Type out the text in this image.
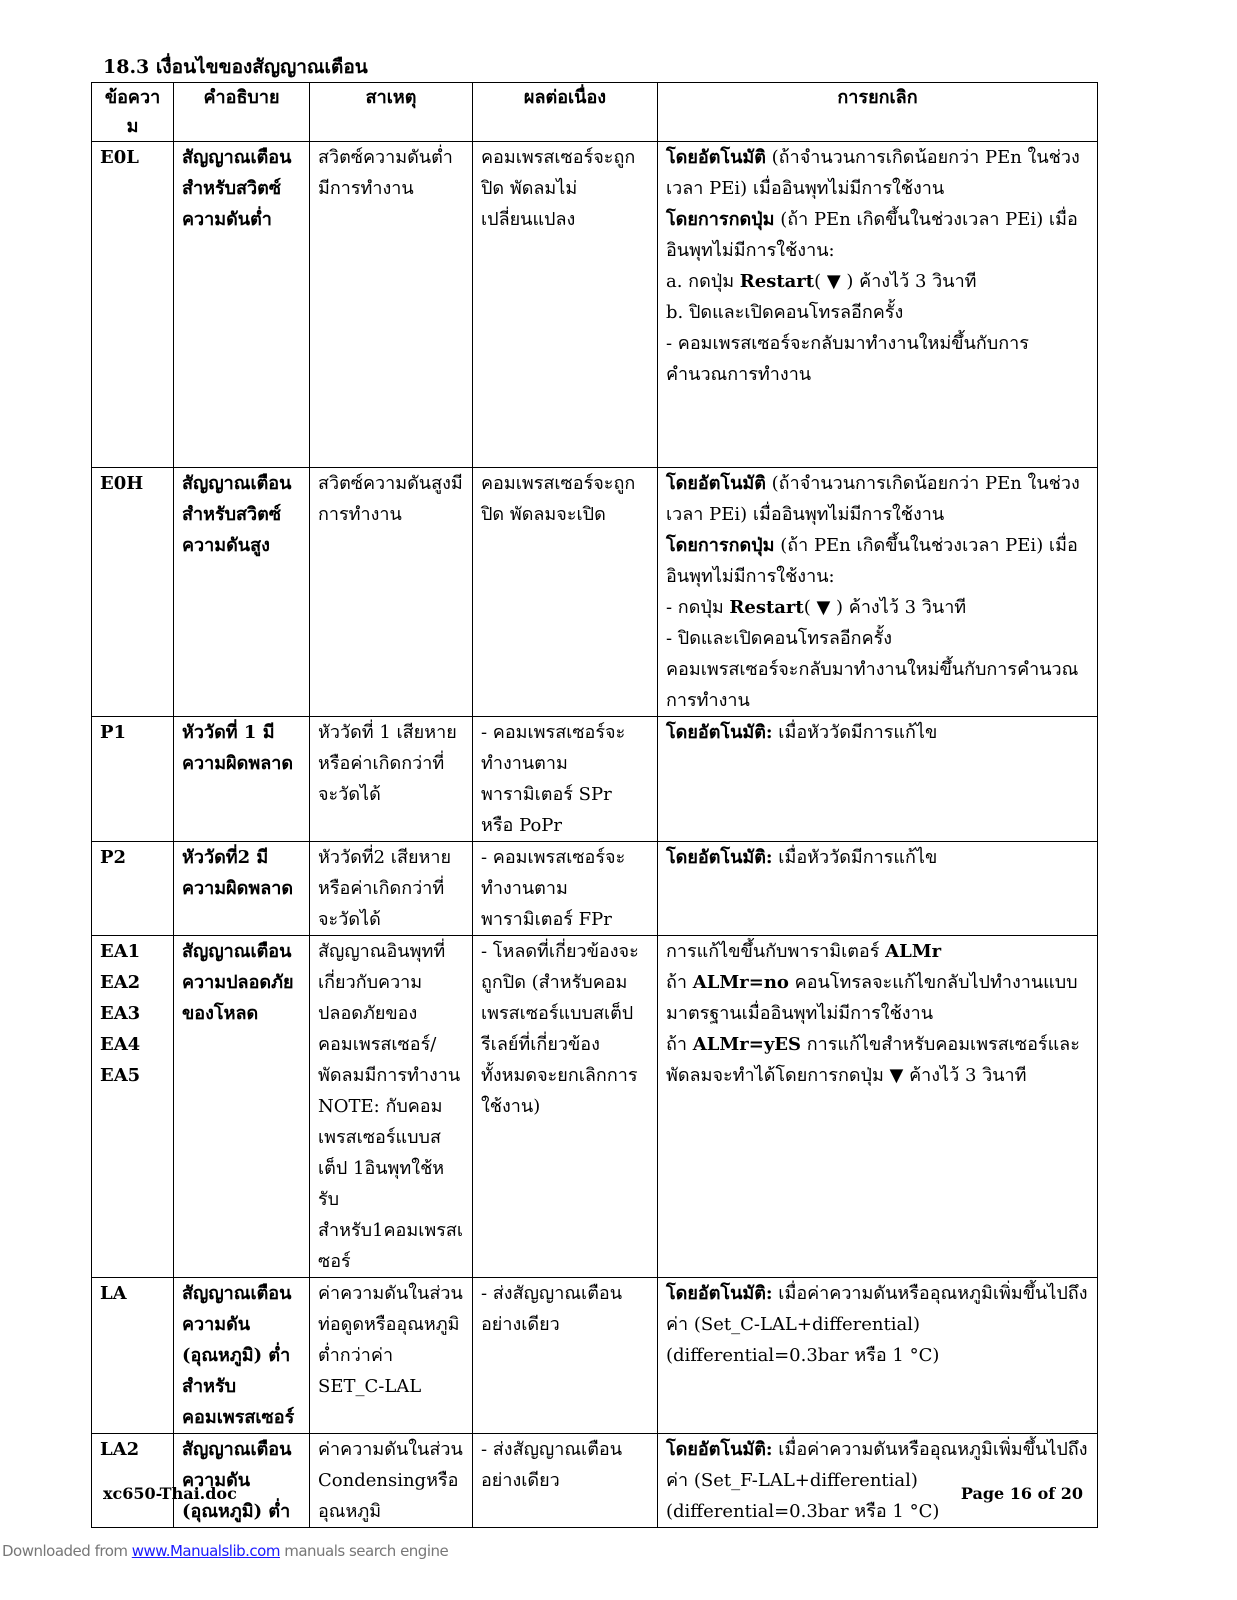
18.3 เงื่อนไขของสัญญาณเตือน
ข้อความ	คำอธิบาย	สาเหตุ	ผลต่อเนื่อง	การยกเลิก
E0L	สัญญาณเตือนสำหรับสวิตซ์ความดันต่ำ	สวิตซ์ความดันต่ำมีการทำงาน	คอมเพรสเซอร์จะถูกปิด พัดลมไม่เปลี่ยนแปลง	โดยอัตโนมัติ (ถ้าจำนวนการเกิดน้อยกว่า PEn ในช่วงเวลา PEi) เมื่ออินพุทไม่มีการใช้งาน
โดยการกดปุ่ม (ถ้า PEn เกิดขึ้นในช่วงเวลา PEi) เมื่ออินพุทไม่มีการใช้งาน:
a. กดปุ่ม Restart( ▼ ) ค้างไว้ 3 วินาที
b. ปิดและเปิดคอนโทรลอีกครั้ง
- คอมเพรสเซอร์จะกลับมาทำงานใหม่ขึ้นกับการคำนวณการทำงาน

E0H	สัญญาณเตือนสำหรับสวิตซ์ความดันสูง	สวิตซ์ความดันสูงมีการทำงาน	คอมเพรสเซอร์จะถูกปิด พัดลมจะเปิด	โดยอัตโนมัติ (ถ้าจำนวนการเกิดน้อยกว่า PEn ในช่วงเวลา PEi) เมื่ออินพุทไม่มีการใช้งาน
โดยการกดปุ่ม (ถ้า PEn เกิดขึ้นในช่วงเวลา PEi) เมื่ออินพุทไม่มีการใช้งาน:
- กดปุ่ม Restart( ▼ ) ค้างไว้ 3 วินาที
- ปิดและเปิดคอนโทรลอีกครั้ง
คอมเพรสเซอร์จะกลับมาทำงานใหม่ขึ้นกับการคำนวณการทำงาน

P1	หัววัดที่ 1 มีความผิดพลาด	หัววัดที่ 1 เสียหายหรือค่าเกิดกว่าที่จะวัดได้	- คอมเพรสเซอร์จะทำงานตามพารามิเตอร์ SPr หรือ PoPr	โดยอัตโนมัติ: เมื่อหัววัดมีการแก้ไข
P2	หัววัดที่2 มีความผิดพลาด	หัววัดที่2 เสียหายหรือค่าเกิดกว่าที่จะวัดได้	- คอมเพรสเซอร์จะทำงานตามพารามิเตอร์ FPr	โดยอัตโนมัติ: เมื่อหัววัดมีการแก้ไข

EA1
EA2
EA3
EA4
EA5	สัญญาณเตือนความปลอดภัยของโหลด	สัญญาณอินพุทที่เกี่ยวกับความปลอดภัยของคอมเพรสเซอร์/พัดลมมีการทำงาน NOTE: กับคอมเพรสเซอร์แบบสเต็ป 1อินพุทใช้หรับสำหรับ1คอมเพรสเซอร์	- โหลดที่เกี่ยวข้องจะถูกปิด (สำหรับคอมเพรสเซอร์แบบสเต็ป รีเลย์ที่เกี่ยวข้องทั้งหมดจะยกเลิกการใช้งาน)	การแก้ไขขึ้นกับพารามิเตอร์ ALMr
ถ้า ALMr=no คอนโทรลจะแก้ไขกลับไปทำงานแบบมาตรฐานเมื่ออินพุทไม่มีการใช้งาน
ถ้า ALMr=yES การแก้ไขสำหรับคอมเพรสเซอร์และพัดลมจะทำได้โดยการกดปุ่ม ▼ ค้างไว้ 3 วินาที

LA	สัญญาณเตือนความดัน (อุณหภูมิ) ต่ำสำหรับคอมเพรสเซอร์	ค่าความดันในส่วนท่อดูดหรืออุณหภูมิต่ำกว่าค่า SET_C-LAL	- ส่งสัญญาณเตือนอย่างเดียว	โดยอัตโนมัติ: เมื่อค่าความดันหรืออุณหภูมิเพิ่มขึ้นไปถึงค่า (Set_C-LAL+differential)
(differential=0.3bar หรือ 1 °C)

LA2	สัญญาณเตือนความดัน (อุณหภูมิ) ต่ำ	ค่าความดันในส่วน Condensingหรืออุณหภูมิ	- ส่งสัญญาณเตือนอย่างเดียว	โดยอัตโนมัติ: เมื่อค่าความดันหรืออุณหภูมิเพิ่มขึ้นไปถึงค่า (Set_F-LAL+differential)
(differential=0.3bar หรือ 1 °C)
xc650-Thai.doc	Page 16 of 20
Downloaded from www.Manualslib.com manuals search engine
